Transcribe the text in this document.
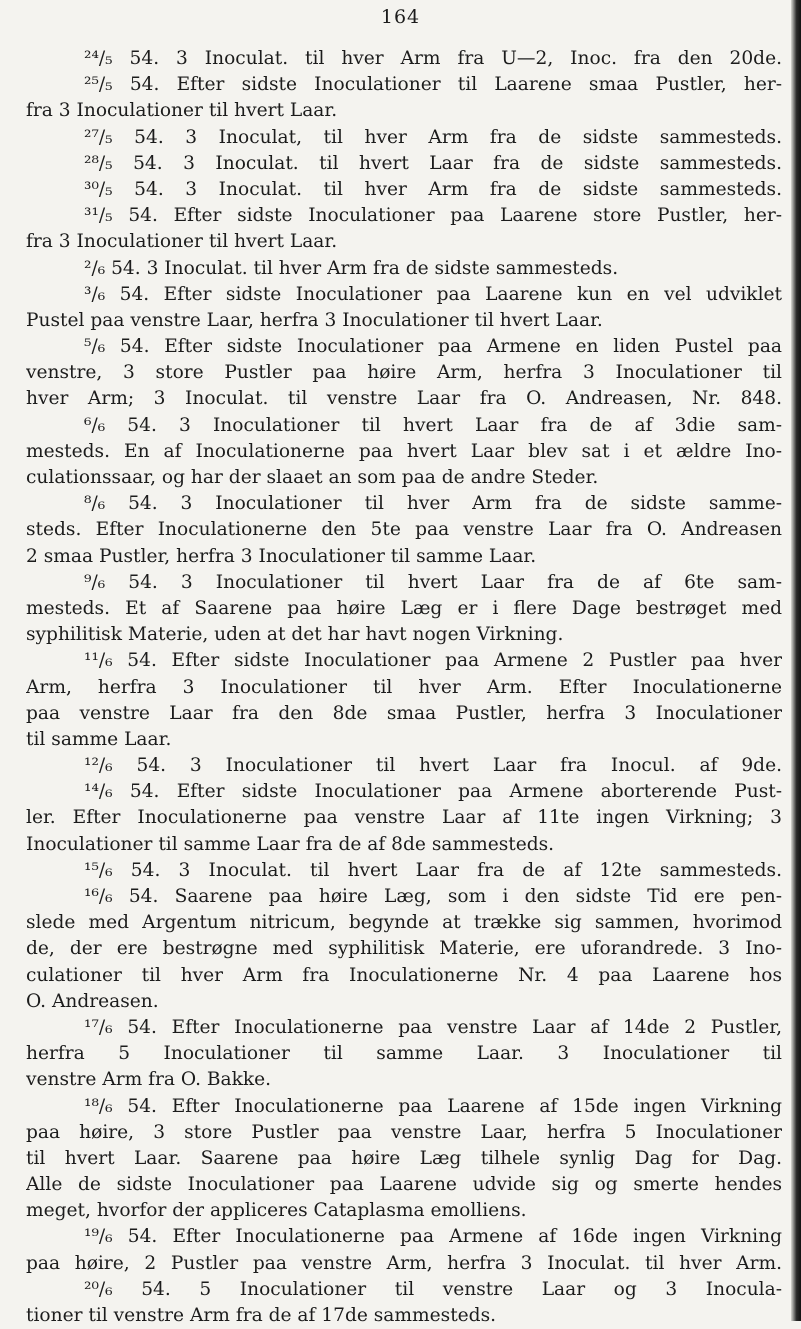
164
²⁴/₅ 54. 3 Inoculat. til hver Arm fra U—2, Inoc. fra den 20de.
²⁵/₅ 54. Efter sidste Inoculationer til Laarene smaa Pustler, her-
fra 3 Inoculationer til hvert Laar.
²⁷/₅ 54. 3 Inoculat, til hver Arm fra de sidste sammesteds.
²⁸/₅ 54. 3 Inoculat. til hvert Laar fra de sidste sammesteds.
³⁰/₅ 54. 3 Inoculat. til hver Arm fra de sidste sammesteds.
³¹/₅ 54. Efter sidste Inoculationer paa Laarene store Pustler, her-
fra 3 Inoculationer til hvert Laar.
²/₆ 54. 3 Inoculat. til hver Arm fra de sidste sammesteds.
³/₆ 54. Efter sidste Inoculationer paa Laarene kun en vel udviklet
Pustel paa venstre Laar, herfra 3 Inoculationer til hvert Laar.
⁵/₆ 54. Efter sidste Inoculationer paa Armene en liden Pustel paa
venstre, 3 store Pustler paa høire Arm, herfra 3 Inoculationer til
hver Arm; 3 Inoculat. til venstre Laar fra O. Andreasen, Nr. 848.
⁶/₆ 54. 3 Inoculationer til hvert Laar fra de af 3die sam-
mesteds. En af Inoculationerne paa hvert Laar blev sat i et ældre Ino-
culationssaar, og har der slaaet an som paa de andre Steder.
⁸/₆ 54. 3 Inoculationer til hver Arm fra de sidste samme-
steds. Efter Inoculationerne den 5te paa venstre Laar fra O. Andreasen
2 smaa Pustler, herfra 3 Inoculationer til samme Laar.
⁹/₆ 54. 3 Inoculationer til hvert Laar fra de af 6te sam-
mesteds. Et af Saarene paa høire Læg er i flere Dage bestrøget med
syphilitisk Materie, uden at det har havt nogen Virkning.
¹¹/₆ 54. Efter sidste Inoculationer paa Armene 2 Pustler paa hver
Arm, herfra 3 Inoculationer til hver Arm. Efter Inoculationerne
paa venstre Laar fra den 8de smaa Pustler, herfra 3 Inoculationer
til samme Laar.
¹²/₆ 54. 3 Inoculationer til hvert Laar fra Inocul. af 9de.
¹⁴/₆ 54. Efter sidste Inoculationer paa Armene aborterende Pust-
ler. Efter Inoculationerne paa venstre Laar af 11te ingen Virkning; 3
Inoculationer til samme Laar fra de af 8de sammesteds.
¹⁵/₆ 54. 3 Inoculat. til hvert Laar fra de af 12te sammesteds.
¹⁶/₆ 54. Saarene paa høire Læg, som i den sidste Tid ere pen-
slede med Argentum nitricum, begynde at trække sig sammen, hvorimod
de, der ere bestrøgne med syphilitisk Materie, ere uforandrede. 3 Ino-
culationer til hver Arm fra Inoculationerne Nr. 4 paa Laarene hos
O. Andreasen.
¹⁷/₆ 54. Efter Inoculationerne paa venstre Laar af 14de 2 Pustler,
herfra 5 Inoculationer til samme Laar. 3 Inoculationer til
venstre Arm fra O. Bakke.
¹⁸/₆ 54. Efter Inoculationerne paa Laarene af 15de ingen Virkning
paa høire, 3 store Pustler paa venstre Laar, herfra 5 Inoculationer
til hvert Laar. Saarene paa høire Læg tilhele synlig Dag for Dag.
Alle de sidste Inoculationer paa Laarene udvide sig og smerte hendes
meget, hvorfor der appliceres Cataplasma emolliens.
¹⁹/₆ 54. Efter Inoculationerne paa Armene af 16de ingen Virkning
paa høire, 2 Pustler paa venstre Arm, herfra 3 Inoculat. til hver Arm.
²⁰/₆ 54. 5 Inoculationer til venstre Laar og 3 Inocula-
tioner til venstre Arm fra de af 17de sammesteds.
